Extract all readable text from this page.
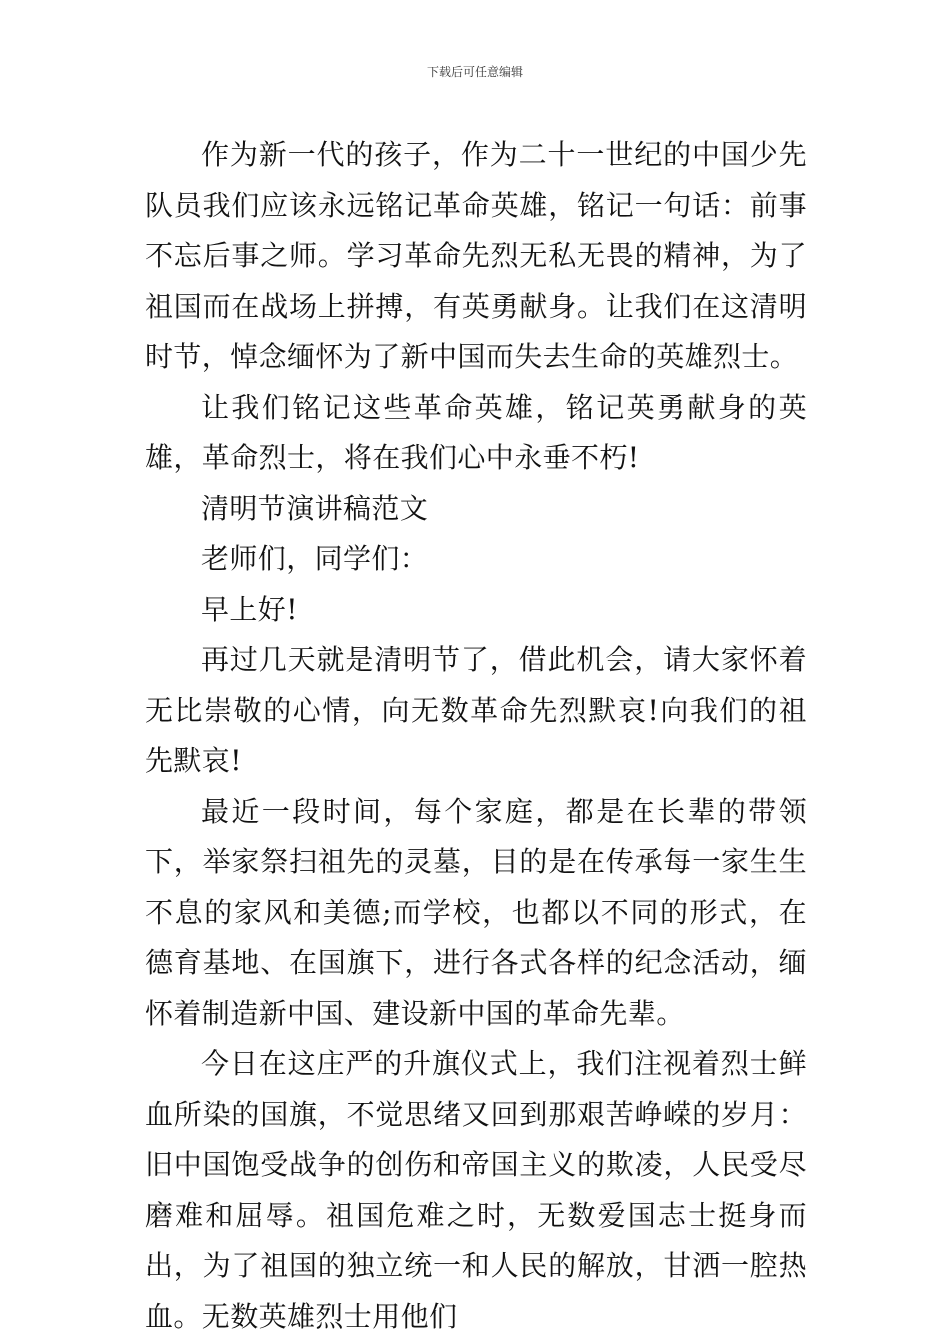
下载后可任意编辑

作为新一代的孩子，作为二十一世纪的中国少先队员我们应该永远铭记革命英雄，铭记一句话：前事不忘后事之师。学习革命先烈无私无畏的精神，为了祖国而在战场上拼搏，有英勇献身。让我们在这清明时节，悼念缅怀为了新中国而失去生命的英雄烈士。

让我们铭记这些革命英雄，铭记英勇献身的英雄，革命烈士，将在我们心中永垂不朽!

清明节演讲稿范文

老师们，同学们：

早上好!

再过几天就是清明节了，借此机会，请大家怀着无比崇敬的心情，向无数革命先烈默哀!向我们的祖先默哀!

最近一段时间，每个家庭，都是在长辈的带领下，举家祭扫祖先的灵墓，目的是在传承每一家生生不息的家风和美德;而学校，也都以不同的形式，在德育基地、在国旗下，进行各式各样的纪念活动，缅怀着制造新中国、建设新中国的革命先辈。

今日在这庄严的升旗仪式上，我们注视着烈士鲜血所染的国旗，不觉思绪又回到那艰苦峥嵘的岁月：旧中国饱受战争的创伤和帝国主义的欺凌，人民受尽磨难和屈辱。祖国危难之时，无数爱国志士挺身而出，为了祖国的独立统一和人民的解放，甘洒一腔热血。无数英雄烈士用他们
